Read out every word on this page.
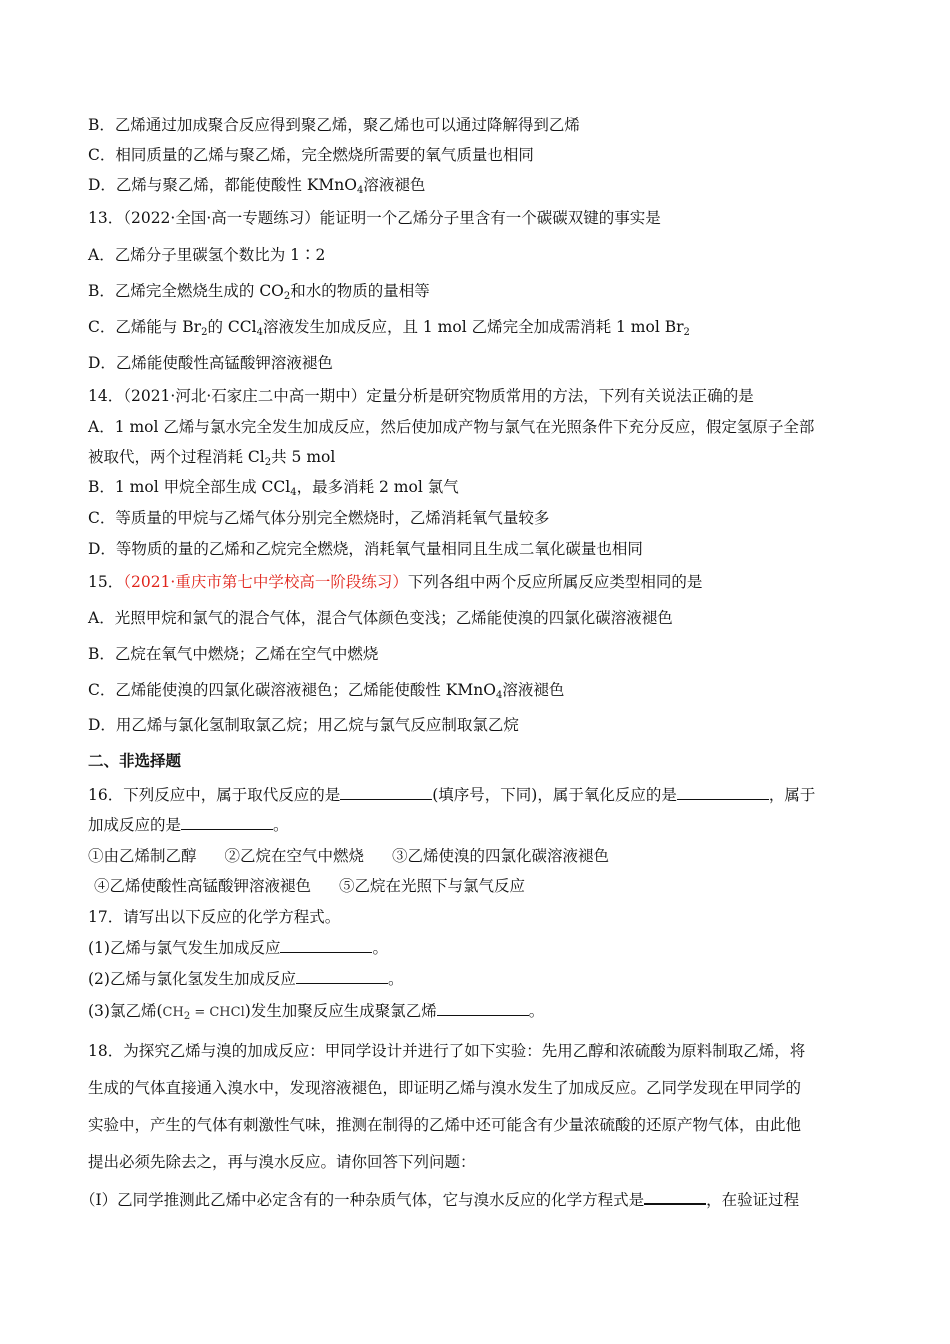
B．乙烯通过加成聚合反应得到聚乙烯，聚乙烯也可以通过降解得到乙烯
C．相同质量的乙烯与聚乙烯，完全燃烧所需要的氧气质量也相同
D．乙烯与聚乙烯，都能使酸性 KMnO4溶液褪色
13．（2022·全国·高一专题练习）能证明一个乙烯分子里含有一个碳碳双键的事实是
A．乙烯分子里碳氢个数比为 1∶2
B．乙烯完全燃烧生成的 CO2和水的物质的量相等
C．乙烯能与 Br2的 CCl4溶液发生加成反应，且 1 mol 乙烯完全加成需消耗 1 mol Br2
D．乙烯能使酸性高锰酸钾溶液褪色
14．（2021·河北·石家庄二中高一期中）定量分析是研究物质常用的方法，下列有关说法正确的是
A．1 mol 乙烯与氯水完全发生加成反应，然后使加成产物与氯气在光照条件下充分反应，假定氢原子全部
被取代，两个过程消耗 Cl2共 5 mol
B．1 mol 甲烷全部生成 CCl4，最多消耗 2 mol 氯气
C．等质量的甲烷与乙烯气体分别完全燃烧时，乙烯消耗氧气量较多
D．等物质的量的乙烯和乙烷完全燃烧，消耗氧气量相同且生成二氧化碳量也相同
15．（2021·重庆市第七中学校高一阶段练习）下列各组中两个反应所属反应类型相同的是
A．光照甲烷和氯气的混合气体，混合气体颜色变浅；乙烯能使溴的四氯化碳溶液褪色
B．乙烷在氧气中燃烧；乙烯在空气中燃烧
C．乙烯能使溴的四氯化碳溶液褪色；乙烯能使酸性 KMnO4溶液褪色
D．用乙烯与氯化氢制取氯乙烷；用乙烷与氯气反应制取氯乙烷
二、非选择题
16．下列反应中，属于取代反应的是	(填序号，下同)，属于氧化反应的是	，属于
加成反应的是	。
①由乙烯制乙醇 ②乙烷在空气中燃烧 ③乙烯使溴的四氯化碳溶液褪色
④乙烯使酸性高锰酸钾溶液褪色 ⑤乙烷在光照下与氯气反应
17．请写出以下反应的化学方程式。
(1)乙烯与氯气发生加成反应	。
(2)乙烯与氯化氢发生加成反应	。
(3)氯乙烯($CH_2$ = CHCl)发生加聚反应生成聚氯乙烯	。
18．为探究乙烯与溴的加成反应：甲同学设计并进行了如下实验：先用乙醇和浓硫酸为原料制取乙烯，将
生成的气体直接通入溴水中，发现溶液褪色，即证明乙烯与溴水发生了加成反应。乙同学发现在甲同学的
实验中，产生的气体有刺激性气味，推测在制得的乙烯中还可能含有少量浓硫酸的还原产物气体，由此他
提出必须先除去之，再与溴水反应。请你回答下列问题：
（Ⅰ）乙同学推测此乙烯中必定含有的一种杂质气体，它与溴水反应的化学方程式是	，在验证过程
